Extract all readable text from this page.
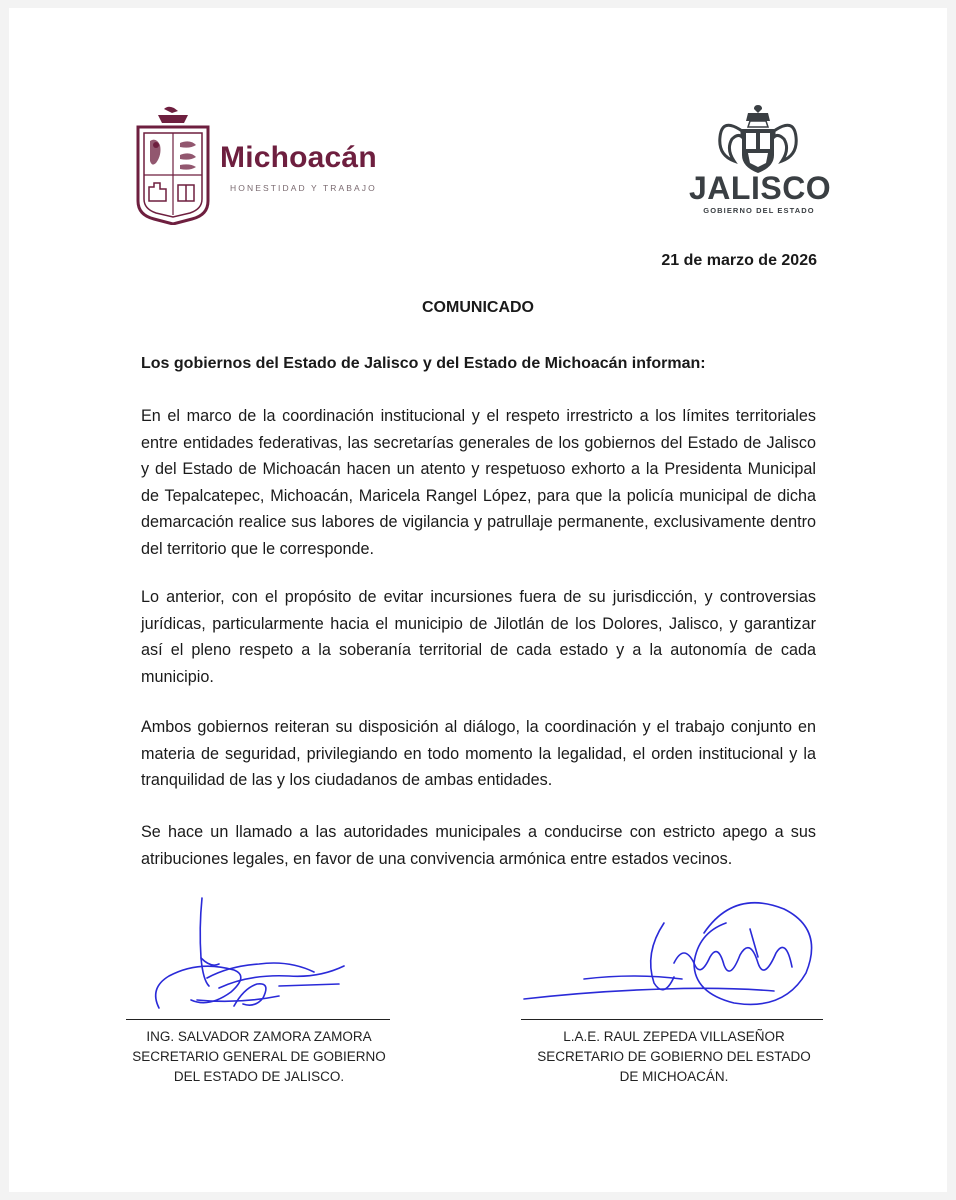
Michoacán
HONESTIDAD Y TRABAJO	JALISCO
GOBIERNO DEL ESTADO
21 de marzo de 2026
COMUNICADO
Los gobiernos del Estado de Jalisco y del Estado de Michoacán informan:
En el marco de la coordinación institucional y el respeto irrestricto a los límites territoriales entre entidades federativas, las secretarías generales de los gobiernos del Estado de Jalisco y del Estado de Michoacán hacen un atento y respetuoso exhorto a la Presidenta Municipal de Tepalcatepec, Michoacán, Maricela Rangel López, para que la policía municipal de dicha demarcación realice sus labores de vigilancia y patrullaje permanente, exclusivamente dentro del territorio que le corresponde.
Lo anterior, con el propósito de evitar incursiones fuera de su jurisdicción, y controversias jurídicas, particularmente hacia el municipio de Jilotlán de los Dolores, Jalisco, y garantizar así el pleno respeto a la soberanía territorial de cada estado y a la autonomía de cada municipio.
Ambos gobiernos reiteran su disposición al diálogo, la coordinación y el trabajo conjunto en materia de seguridad, privilegiando en todo momento la legalidad, el orden institucional y la tranquilidad de las y los ciudadanos de ambas entidades.
Se hace un llamado a las autoridades municipales a conducirse con estricto apego a sus atribuciones legales, en favor de una convivencia armónica entre estados vecinos.
ING. SALVADOR ZAMORA ZAMORA
SECRETARIO GENERAL DE GOBIERNO
DEL ESTADO DE JALISCO.
L.A.E. RAUL ZEPEDA VILLASEÑOR
SECRETARIO DE GOBIERNO DEL ESTADO
DE MICHOACÁN.
